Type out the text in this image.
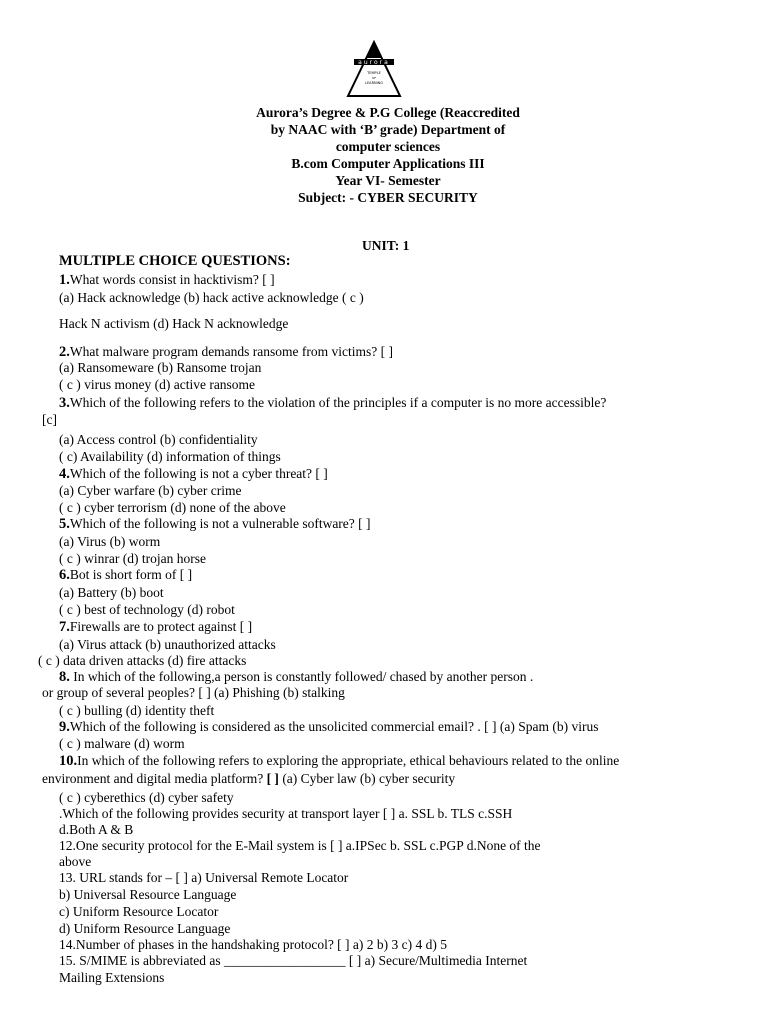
aurora
TEMPLE
OF
LEARNING
Aurora’s Degree & P.G College (Reaccredited
by NAAC with ‘B’ grade) Department of
computer sciences
B.com Computer Applications III
Year VI- Semester
Subject: - CYBER SECURITY
UNIT: 1
MULTIPLE CHOICE QUESTIONS:
1.What words consist in hacktivism? [ ]
(a) Hack acknowledge (b) hack active acknowledge ( c )
Hack N activism (d) Hack N acknowledge
2.What malware program demands ransome from victims? [ ]
(a) Ransomeware (b) Ransome trojan
( c ) virus money (d) active ransome
3.Which of the following refers to the violation of the principles if a computer is no more accessible?
[c]
(a) Access control (b) confidentiality
( c) Availability (d) information of things
4.Which of the following is not a cyber threat? [ ]
(a) Cyber warfare (b) cyber crime
( c ) cyber terrorism (d) none of the above
5.Which of the following is not a vulnerable software? [ ]
(a) Virus (b) worm
( c ) winrar (d) trojan horse
6.Bot is short form of [ ]
(a) Battery (b) boot
( c ) best of technology (d) robot
7.Firewalls are to protect against [ ]
(a) Virus attack (b) unauthorized attacks
( c ) data driven attacks (d) fire attacks
8. In which of the following,a person is constantly followed/ chased by another person .
or group of several peoples? [ ] (a) Phishing (b) stalking
( c ) bulling (d) identity theft
9.Which of the following is considered as the unsolicited commercial email? . [ ] (a) Spam (b) virus
( c ) malware (d) worm
10.In which of the following refers to exploring the appropriate, ethical behaviours related to the online
environment and digital media platform? [ ] (a) Cyber law (b) cyber security
( c ) cyberethics (d) cyber safety
.Which of the following provides security at transport layer [ ] a. SSL b. TLS c.SSH
d.Both A & B
12.One security protocol for the E-Mail system is [ ] a.IPSec b. SSL c.PGP d.None of the
above
13. URL stands for – [ ] a) Universal Remote Locator
b) Universal Resource Language
c) Uniform Resource Locator
d) Uniform Resource Language
14.Number of phases in the handshaking protocol? [ ] a) 2 b) 3 c) 4 d) 5
15. S/MIME is abbreviated as __________________ [ ] a) Secure/Multimedia Internet
Mailing Extensions
